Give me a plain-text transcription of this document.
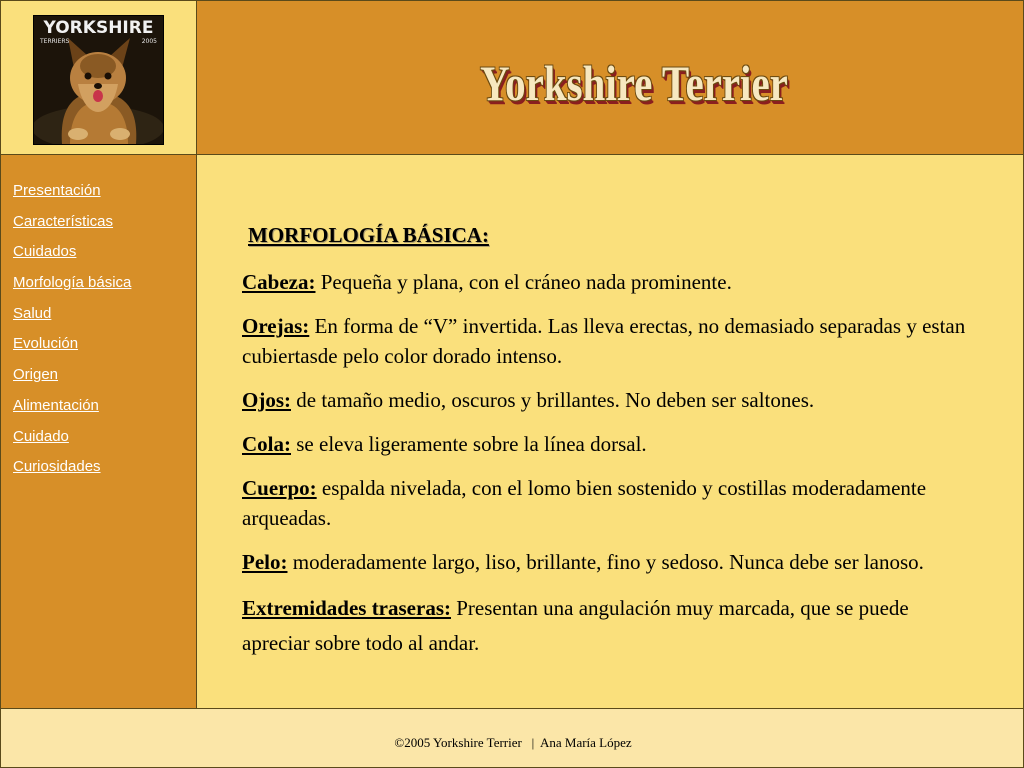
YORKSHIRE
TERRIERS	2005
Yorkshire Terrier
Presentación
Características
Cuidados
Morfología básica
Salud
Evolución
Origen
Alimentación
Cuidado
Curiosidades
MORFOLOGÍA BÁSICA:

Cabeza: Pequeña y plana, con el cráneo nada prominente.

Orejas: En forma de “V” invertida. Las lleva erectas, no demasiado separadas y estan cubiertasde pelo color dorado intenso.

Ojos: de tamaño medio, oscuros y brillantes. No deben ser saltones.

Cola: se eleva ligeramente sobre la línea dorsal.

Cuerpo: espalda nivelada, con el lomo bien sostenido y costillas moderadamente arqueadas.

Pelo: moderadamente largo, liso, brillante, fino y sedoso. Nunca debe ser lanoso.

Extremidades traseras: Presentan una angulación muy marcada, que se puede apreciar sobre todo al andar.

©2005 Yorkshire Terrier   |  Ana María López
